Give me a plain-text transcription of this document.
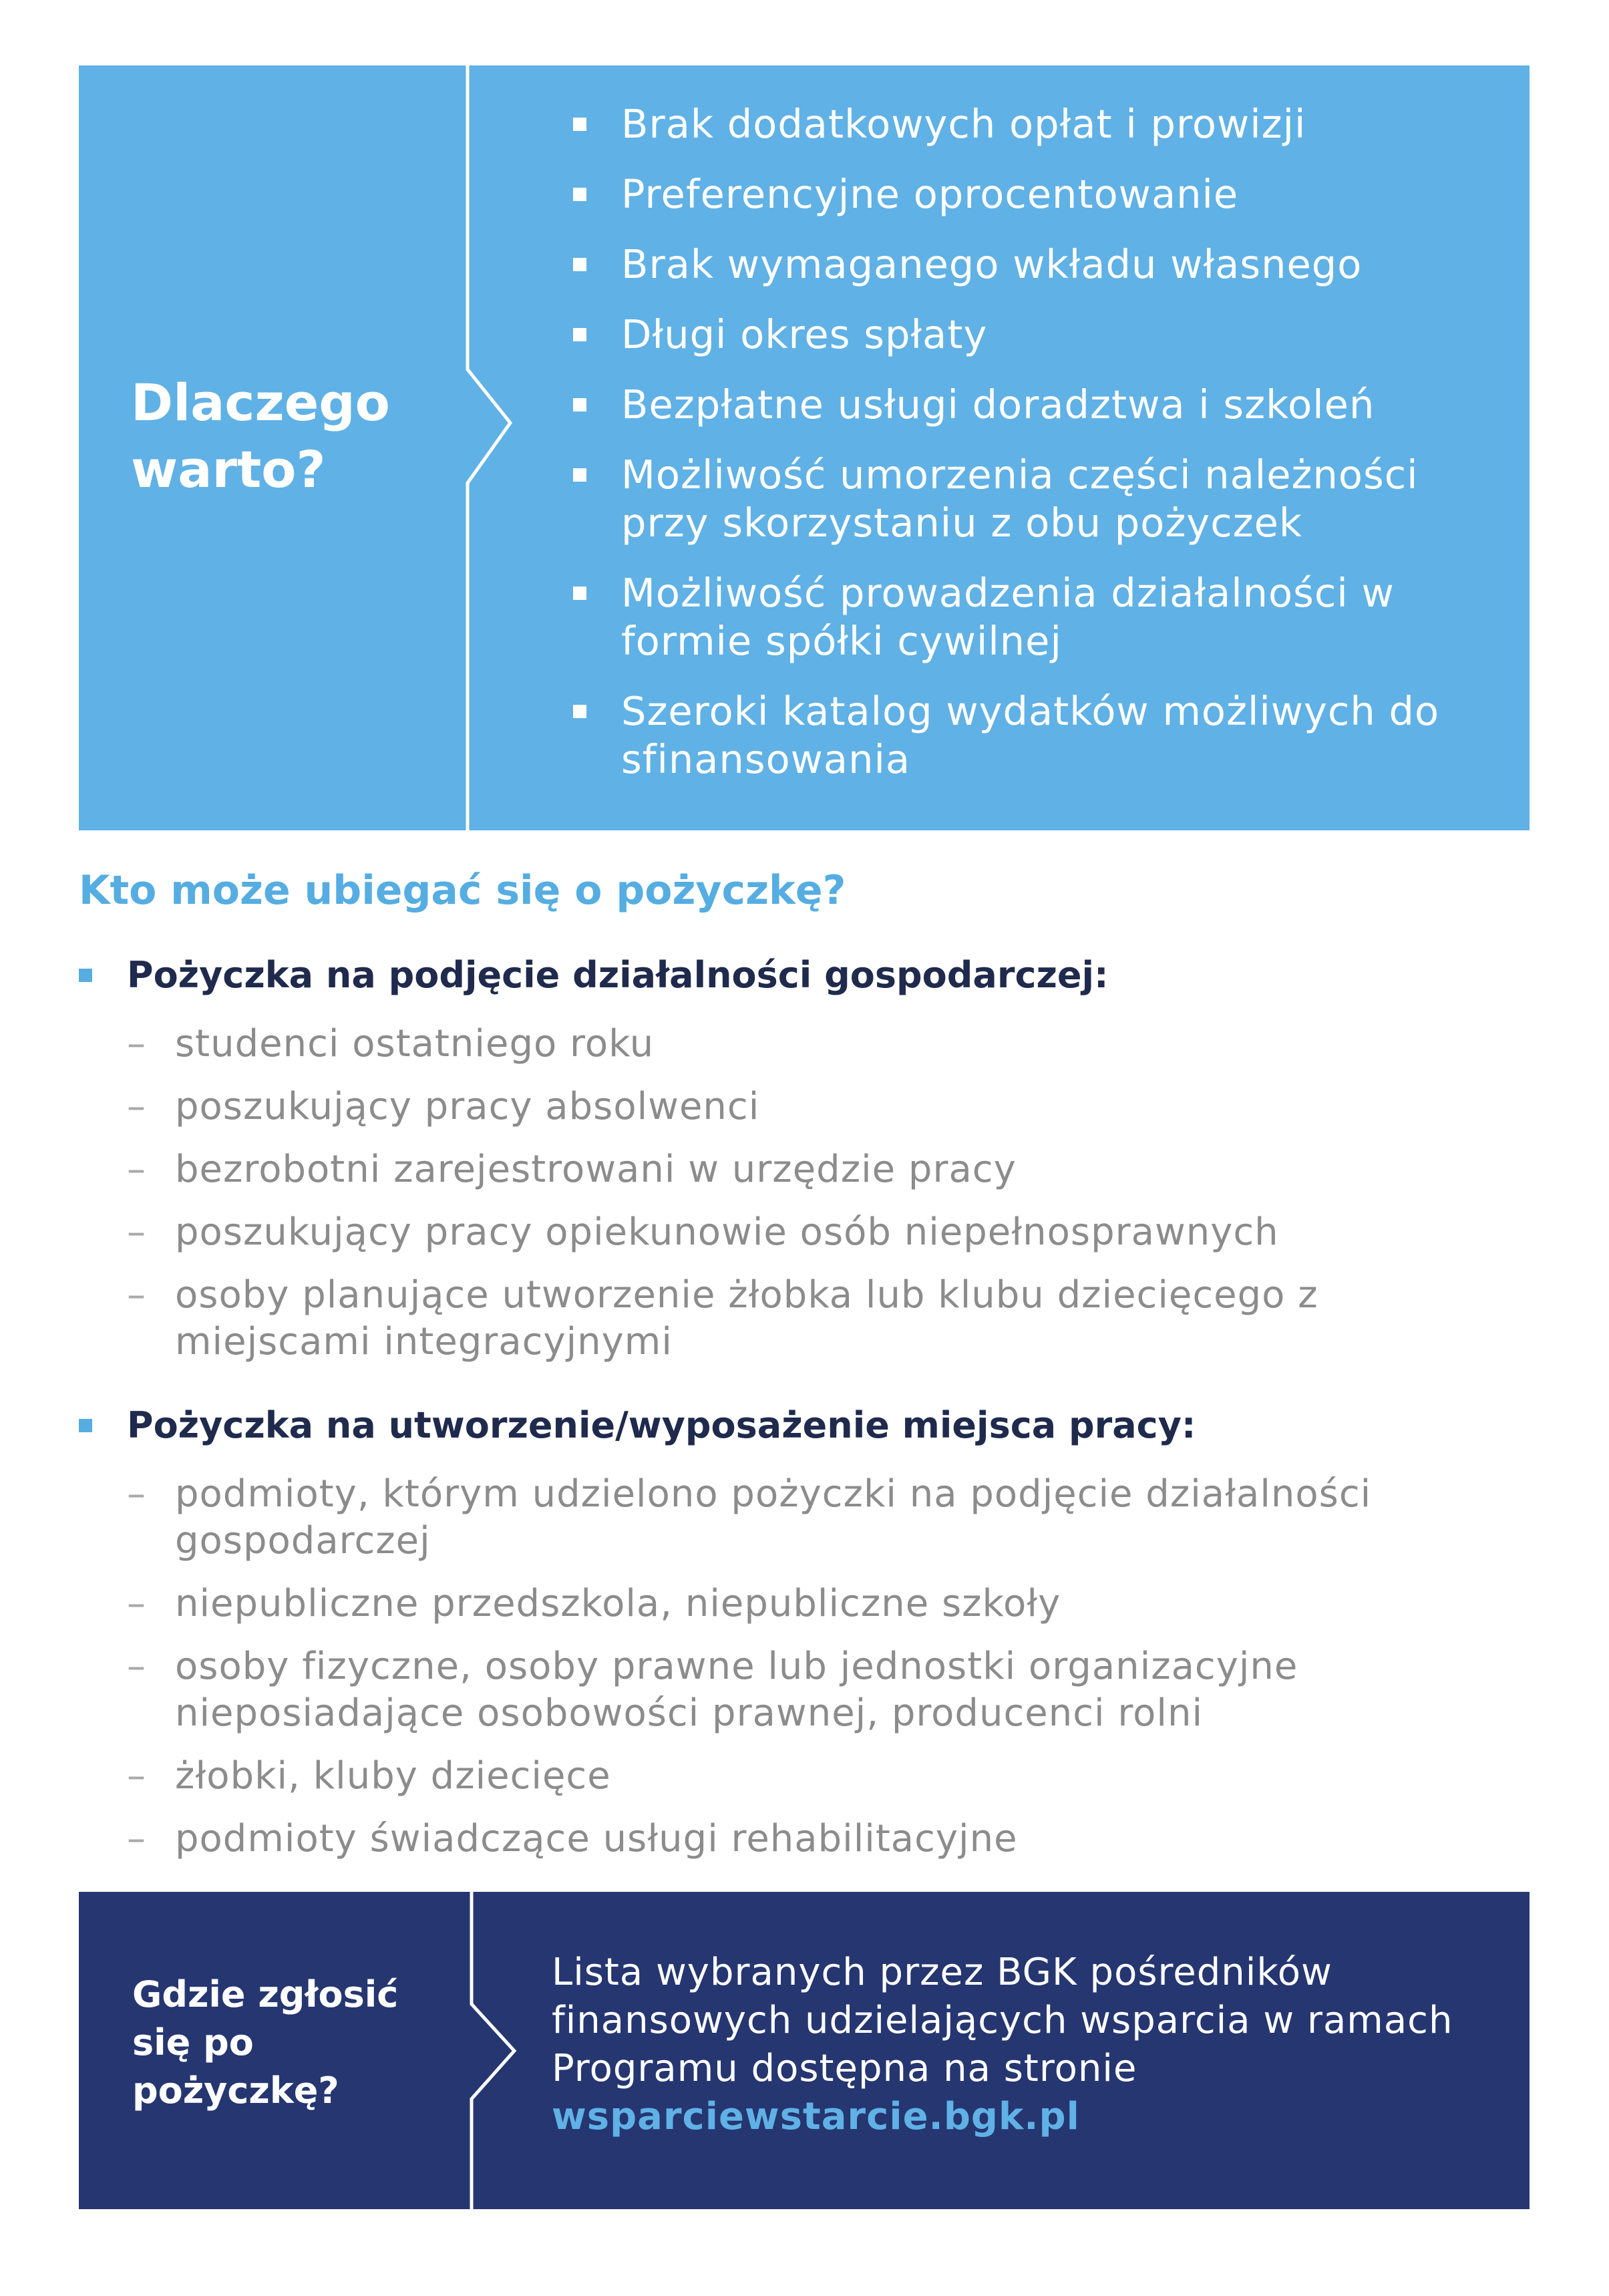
Dlaczego
warto?
Brak dodatkowych opłat i prowizji
Preferencyjne oprocentowanie
Brak wymaganego wkładu własnego
Długi okres spłaty
Bezpłatne usługi doradztwa i szkoleń
Możliwość umorzenia części należności przy skorzystaniu z obu pożyczek
Możliwość prowadzenia działalności w formie spółki cywilnej
Szeroki katalog wydatków możliwych do sfinansowania
Kto może ubiegać się o pożyczkę?
Pożyczka na podjęcie działalności gospodarczej:
– studenci ostatniego roku
– poszukujący pracy absolwenci
– bezrobotni zarejestrowani w urzędzie pracy
– poszukujący pracy opiekunowie osób niepełnosprawnych
– osoby planujące utworzenie żłobka lub klubu dziecięcego z miejscami integracyjnymi
Pożyczka na utworzenie/wyposażenie miejsca pracy:
– podmioty, którym udzielono pożyczki na podjęcie działalności gospodarczej
– niepubliczne przedszkola, niepubliczne szkoły
– osoby fizyczne, osoby prawne lub jednostki organizacyjne nieposiadające osobowości prawnej, producenci rolni
– żłobki, kluby dziecięce
– podmioty świadczące usługi rehabilitacyjne
Gdzie zgłosić
się po
pożyczkę?
Lista wybranych przez BGK pośredników finansowych udzielających wsparcia w ramach Programu dostępna na stronie
wsparciewstarcie.bgk.pl
